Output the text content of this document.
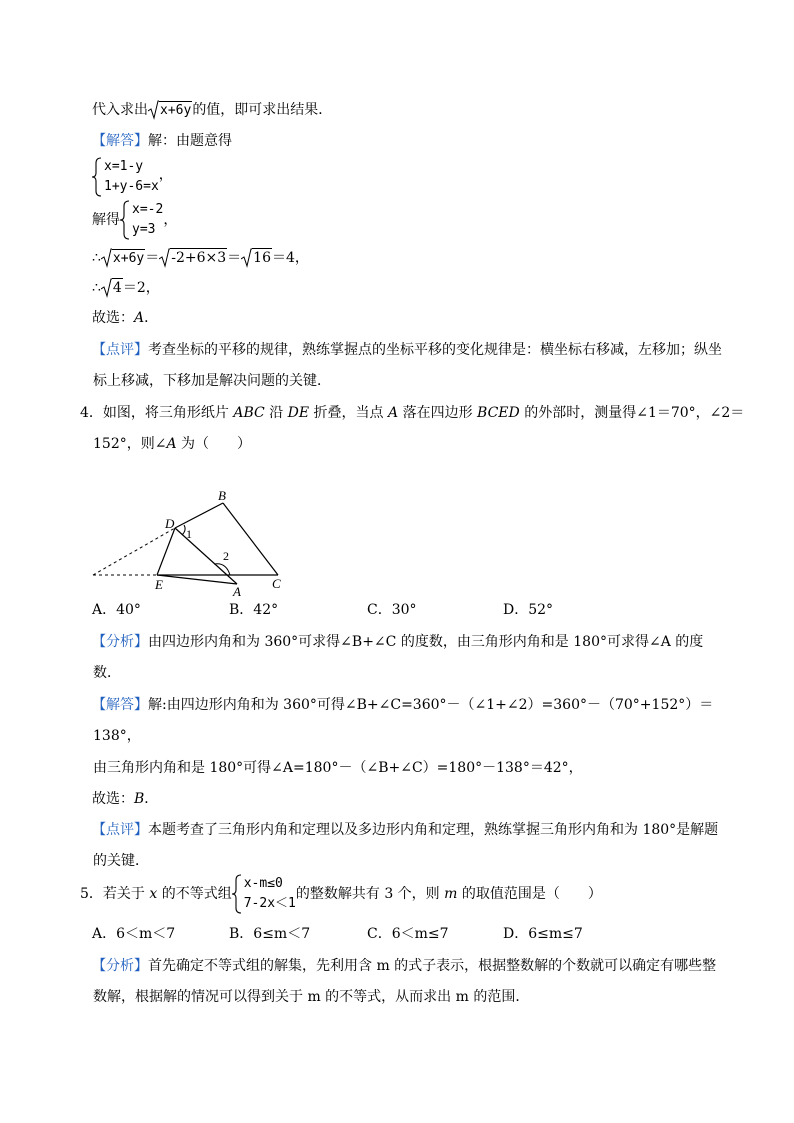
代入求出 x+6y的值，即可求出结果．
【解答】解：由题意得
x=1-y
1+y-6=x
，
解得
x=-2
y=3
，
∴ x+6y＝ -2+6×3＝ 16＝4，
∴ 4＝2，
故选：A．
【点评】考查坐标的平移的规律，熟练掌握点的坐标平移的变化规律是：横坐标右移减，左移加；纵坐
标上移减，下移加是解决问题的关键．
4．如图，将三角形纸片 ABC 沿 DE 折叠，当点 A 落在四边形 BCED 的外部时，测量得∠1＝70°，∠2＝
152°，则∠A 为（　　）
B
D
E	A
C
1
2
A．40°	B．42°	C．30°	D．52°
【分析】由四边形内角和为 360°可求得∠B+∠C 的度数，由三角形内角和是 180°可求得∠A 的度
数．
【解答】解:由四边形内角和为 360°可得∠B+∠C=360°－（∠1+∠2）=360°－（70°+152°）＝
138°，
由三角形内角和是 180°可得∠A=180°－（∠B+∠C）=180°－138°＝42°，
故选：B．
【点评】本题考查了三角形内角和定理以及多边形内角和定理，熟练掌握三角形内角和为 180°是解题
的关键．
5．若关于 x 的不等式组
x-m≤0
7-2x＜1
的整数解共有 3 个，则 m 的取值范围是（　　）
A．6＜m＜7	B．6≤m＜7	C．6＜m≤7	D．6≤m≤7
【分析】首先确定不等式组的解集，先利用含 m 的式子表示，根据整数解的个数就可以确定有哪些整
数解，根据解的情况可以得到关于 m 的不等式，从而求出 m 的范围．
